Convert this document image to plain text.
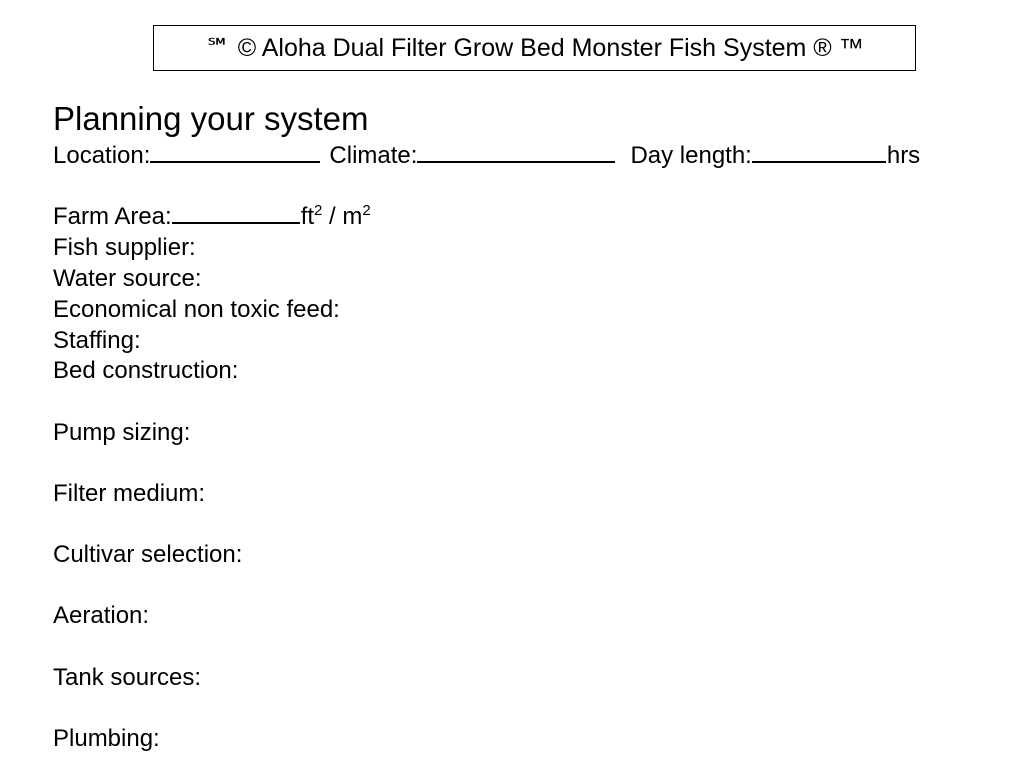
℠ © Aloha Dual Filter Grow Bed Monster Fish System ® ™
Planning your system
Location:	Climate:	Day length:	hrs
Farm Area:	$ft^2 / m^2$
Fish supplier:
Water source:
Economical non toxic feed:
Staffing:
Bed construction:
Pump sizing:
Filter medium:
Cultivar selection:
Aeration:
Tank sources:
Plumbing:
